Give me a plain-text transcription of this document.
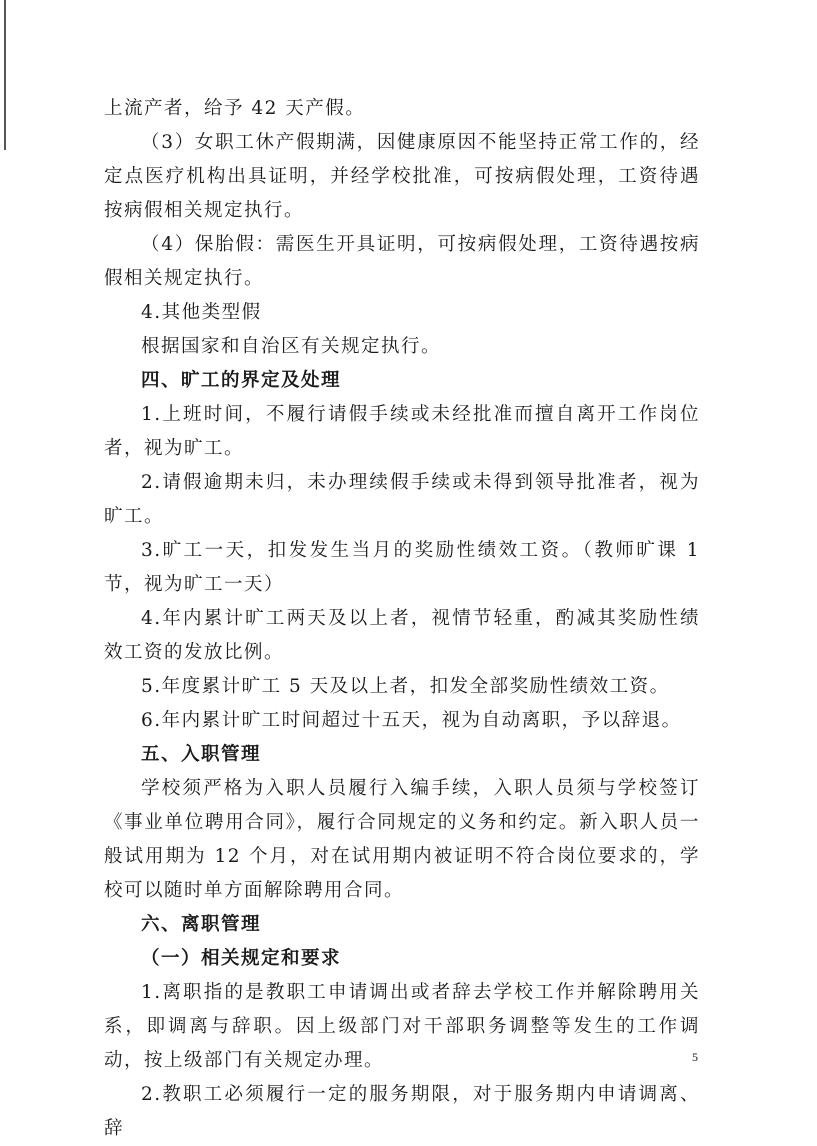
上流产者，给予 42 天产假。

（3）女职工休产假期满，因健康原因不能坚持正常工作的，经定点医疗机构出具证明，并经学校批准，可按病假处理，工资待遇按病假相关规定执行。

（4）保胎假：需医生开具证明，可按病假处理，工资待遇按病假相关规定执行。

4.其他类型假

根据国家和自治区有关规定执行。

四、旷工的界定及处理

1.上班时间，不履行请假手续或未经批准而擅自离开工作岗位者，视为旷工。

2.请假逾期未归，未办理续假手续或未得到领导批准者，视为旷工。

3.旷工一天，扣发发生当月的奖励性绩效工资。（教师旷课 1 节，视为旷工一天）

4.年内累计旷工两天及以上者，视情节轻重，酌减其奖励性绩效工资的发放比例。

5.年度累计旷工 5 天及以上者，扣发全部奖励性绩效工资。

6.年内累计旷工时间超过十五天，视为自动离职，予以辞退。

五、入职管理

学校须严格为入职人员履行入编手续，入职人员须与学校签订《事业单位聘用合同》，履行合同规定的义务和约定。新入职人员一般试用期为 12 个月，对在试用期内被证明不符合岗位要求的，学校可以随时单方面解除聘用合同。

六、离职管理

（一）相关规定和要求

1.离职指的是教职工申请调出或者辞去学校工作并解除聘用关系，即调离与辞职。因上级部门对干部职务调整等发生的工作调动，按上级部门有关规定办理。

2.教职工必须履行一定的服务期限，对于服务期内申请调离、辞

5
